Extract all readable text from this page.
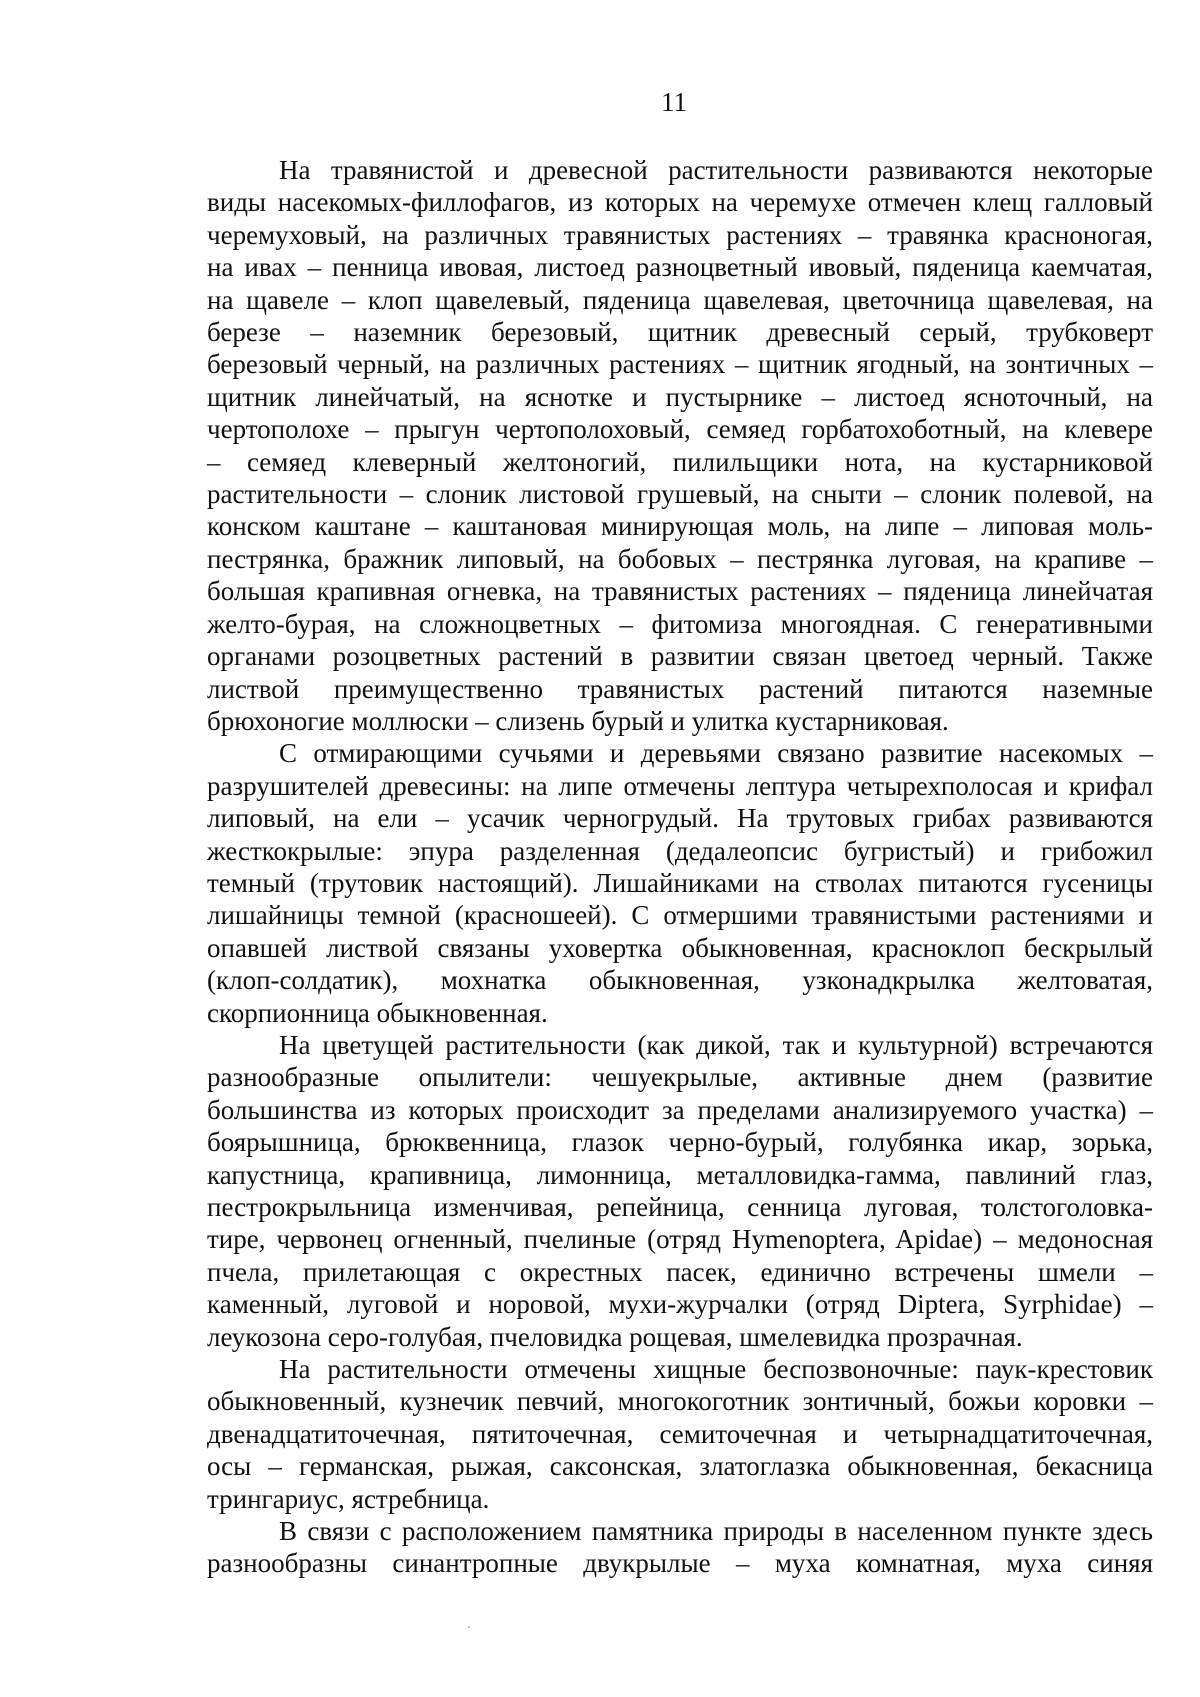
11

На травянистой и древесной растительности развиваются некоторые
виды насекомых-филлофагов, из которых на черемухе отмечен клещ галловый
черемуховый, на различных травянистых растениях – травянка красноногая,
на ивах – пенница ивовая, листоед разноцветный ивовый, пяденица каемчатая,
на щавеле – клоп щавелевый, пяденица щавелевая, цветочница щавелевая, на
березе – наземник березовый, щитник древесный серый, трубковерт
березовый черный, на различных растениях – щитник ягодный, на зонтичных –
щитник линейчатый, на яснотке и пустырнике – листоед ясноточный, на
чертополохе – прыгун чертополоховый, семяед горбатохоботный, на клевере
– семяед клеверный желтоногий, пилильщики нота, на кустарниковой
растительности – слоник листовой грушевый, на сныти – слоник полевой, на
конском каштане – каштановая минирующая моль, на липе – липовая моль-
пестрянка, бражник липовый, на бобовых – пестрянка луговая, на крапиве –
большая крапивная огневка, на травянистых растениях – пяденица линейчатая
желто-бурая, на сложноцветных – фитомиза многоядная. С генеративными
органами розоцветных растений в развитии связан цветоед черный. Также
листвой преимущественно травянистых растений питаются наземные
брюхоногие моллюски – слизень бурый и улитка кустарниковая.

С отмирающими сучьями и деревьями связано развитие насекомых –
разрушителей древесины: на липе отмечены лептура четырехполосая и крифал
липовый, на ели – усачик черногрудый. На трутовых грибах развиваются
жесткокрылые: эпура разделенная (дедалеопсис бугристый) и грибожил
темный (трутовик настоящий). Лишайниками на стволах питаются гусеницы
лишайницы темной (красношеей). С отмершими травянистыми растениями и
опавшей листвой связаны уховертка обыкновенная, красноклоп бескрылый
(клоп-солдатик), мохнатка обыкновенная, узконадкрылка желтоватая,
скорпионница обыкновенная.

На цветущей растительности (как дикой, так и культурной) встречаются
разнообразные опылители: чешуекрылые, активные днем (развитие
большинства из которых происходит за пределами анализируемого участка) –
боярышница, брюквенница, глазок черно-бурый, голубянка икар, зорька,
капустница, крапивница, лимонница, металловидка-гамма, павлиний глаз,
пестрокрыльница изменчивая, репейница, сенница луговая, толстоголовка-
тире, червонец огненный, пчелиные (отряд Hymenoptera, Apidae) – медоносная
пчела, прилетающая с окрестных пасек, единично встречены шмели –
каменный, луговой и норовой, мухи-журчалки (отряд Diptera, Syrphidae) –
леукозона серо-голубая, пчеловидка рощевая, шмелевидка прозрачная.

На растительности отмечены хищные беспозвоночные: паук-крестовик
обыкновенный, кузнечик певчий, многокоготник зонтичный, божьи коровки –
двенадцатиточечная, пятиточечная, семиточечная и четырнадцатиточечная,
осы – германская, рыжая, саксонская, златоглазка обыкновенная, бекасница
трингариус, ястребница.

В связи с расположением памятника природы в населенном пункте здесь
разнообразны синантропные двукрылые – муха комнатная, муха синяя
